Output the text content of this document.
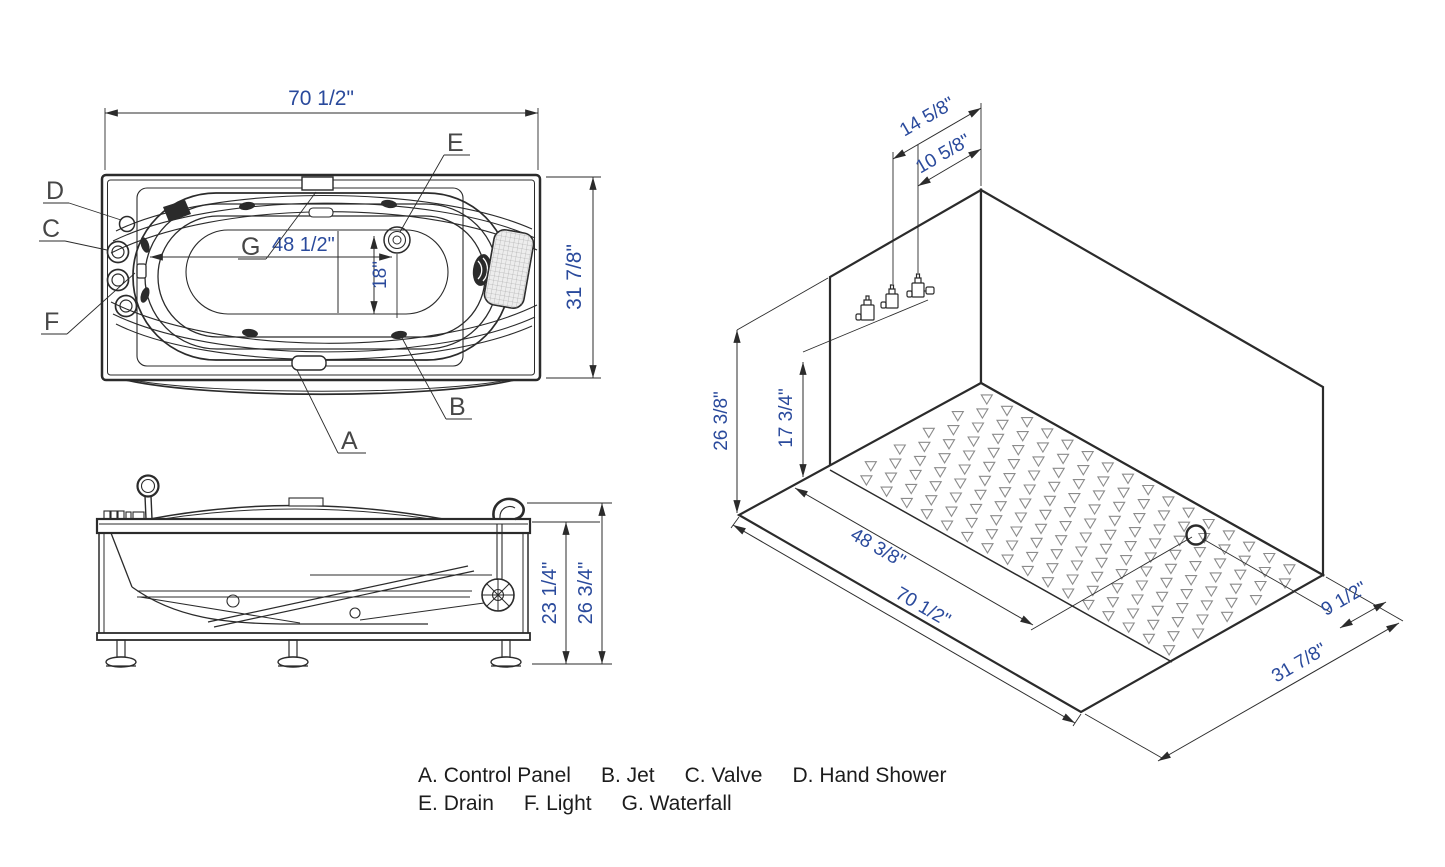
70 1/2"
31 7/8"
48 1/2"
18"
D
C
F
E
G
B
A
23 1/4" 26 3/4"
14 5/8"
10 5/8"
26 3/8" 17 3/4"
48 3/8"
70 1/2"	9 1/2"
31 7/8"
A. Control Panel B. Jet C. Valve D. Hand Shower
E. Drain F. Light G. Waterfall
